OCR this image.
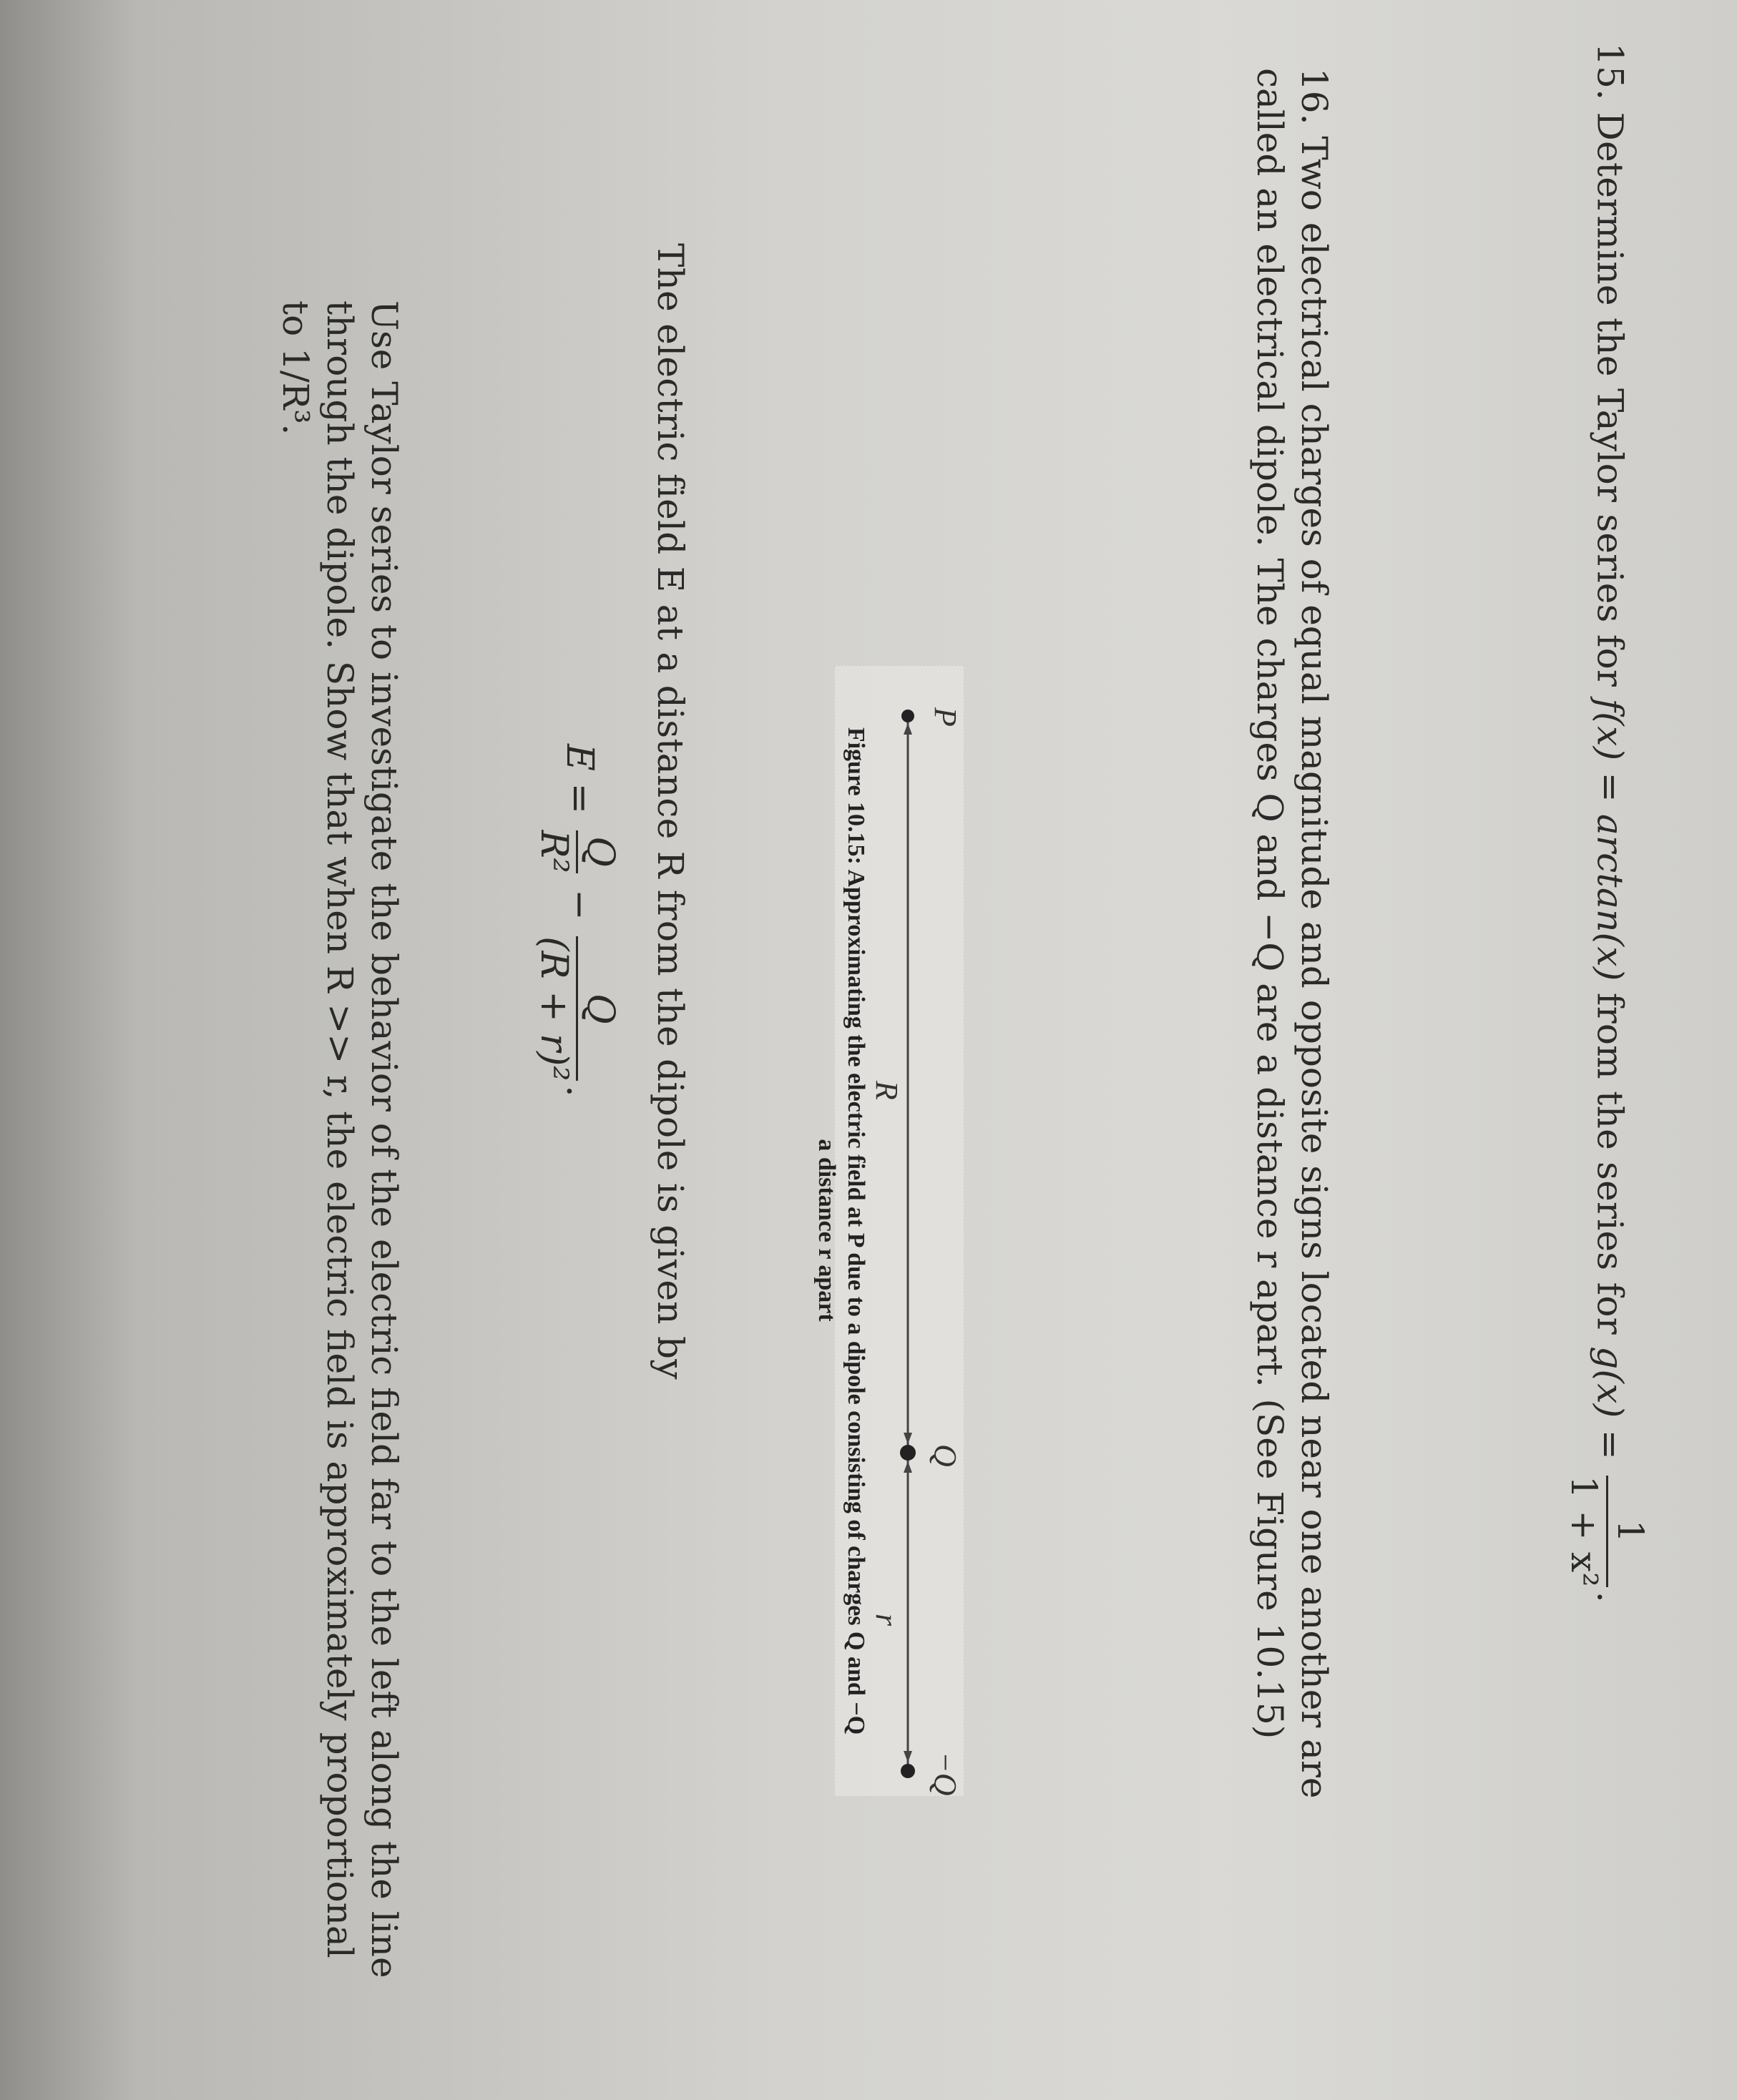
15. Determine the Taylor series for f(x) = arctan(x) from the series for g(x) =
1
1 + x²
.
16. Two electrical charges of equal magnitude and opposite signs located near one another are
called an electrical dipole. The charges Q and −Q are a distance r apart. (See Figure 10.15)
P
Q
−Q
R
r
Figure 10.15: Approximating the electric field at P due to a dipole consisting of charges Q and −Q
a distance r apart
The electric field E at a distance R from the dipole is given by
E =
Q
R²
−
Q
(R + r)²
.
Use Taylor series to investigate the behavior of the electric field far to the left along the line
through the dipole. Show that when R >> r, the electric field is approximately proportional
to 1/R³.
